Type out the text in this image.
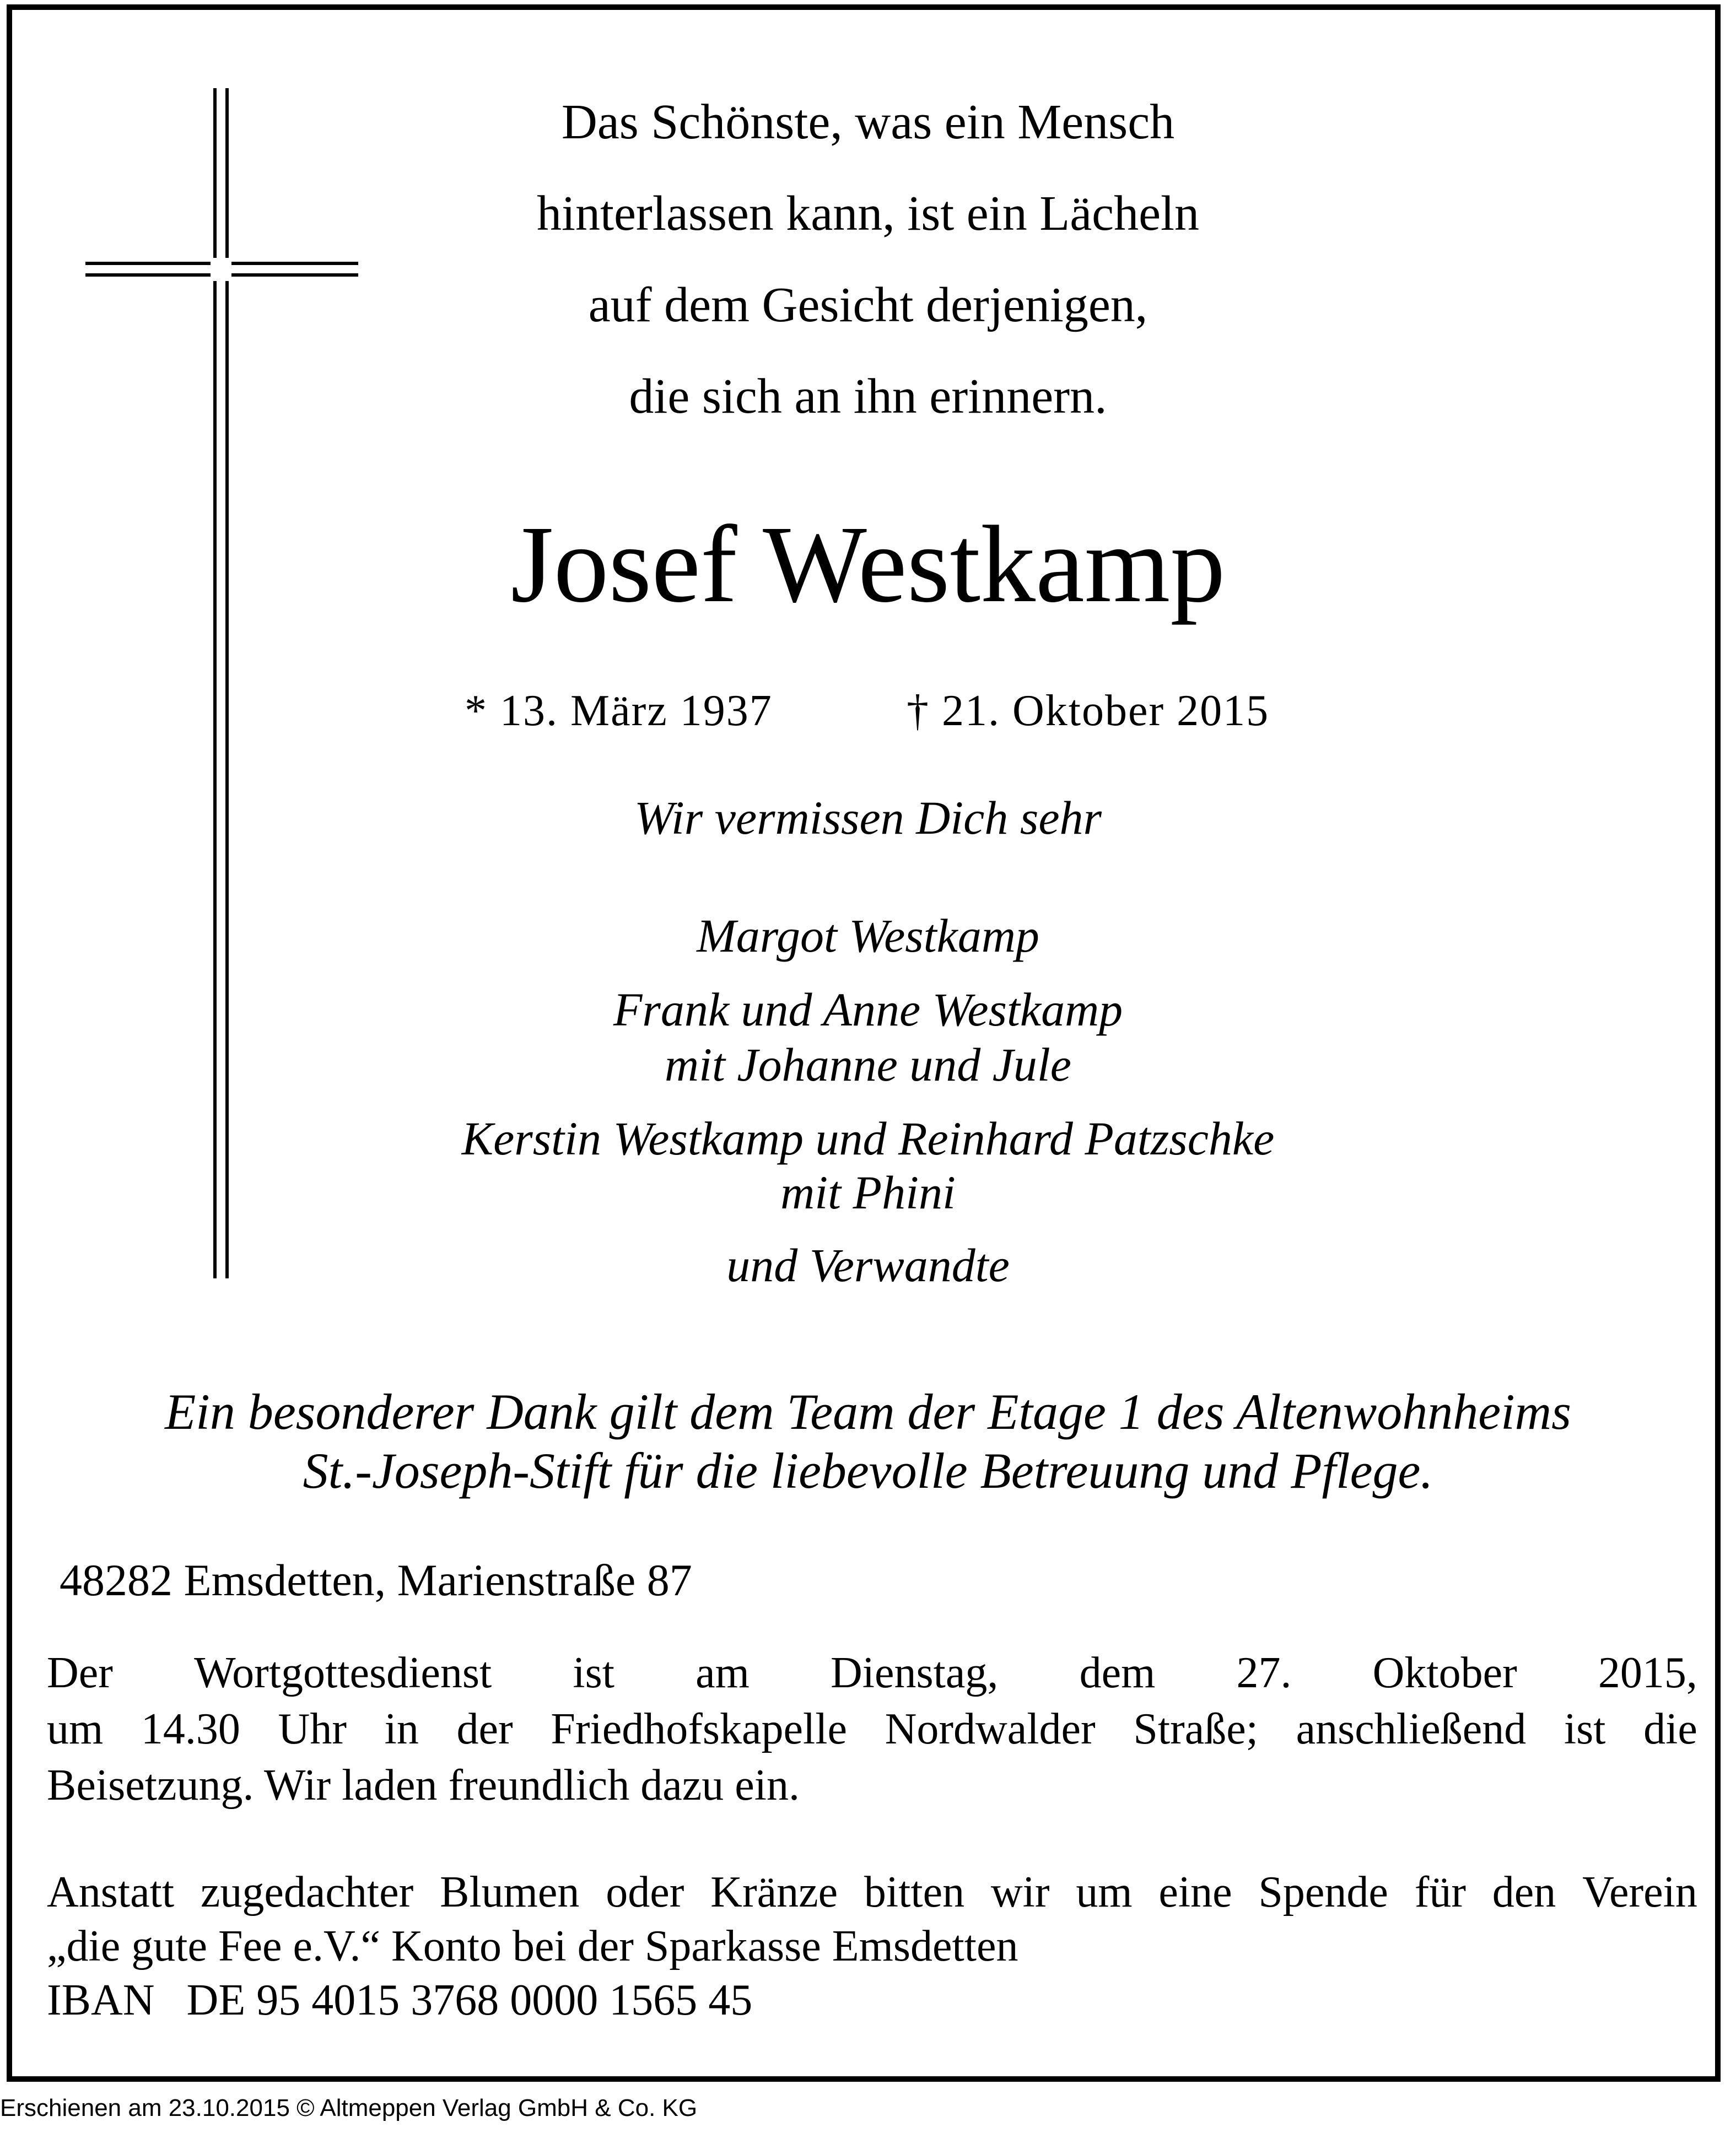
Das Schönste, was ein Mensch
hinterlassen kann, ist ein Lächeln
auf dem Gesicht derjenigen,
die sich an ihn erinnern.
Josef Westkamp
* 13. März 1937	† 21. Oktober 2015
Wir vermissen Dich sehr
Margot Westkamp
Frank und Anne Westkamp
mit Johanne und Jule
Kerstin Westkamp und Reinhard Patzschke
mit Phini
und Verwandte
Ein besonderer Dank gilt dem Team der Etage 1 des Altenwohnheims
St.-Joseph-Stift für die liebevolle Betreuung und Pflege.
48282 Emsdetten, Marienstraße 87
Der Wortgottesdienst ist am Dienstag, dem 27. Oktober 2015,
um 14.30 Uhr in der Friedhofskapelle Nordwalder Straße; anschließend ist die
Beisetzung. Wir laden freundlich dazu ein.
Anstatt zugedachter Blumen oder Kränze bitten wir um eine Spende für den Verein
„die gute Fee e.V.“ Konto bei der Sparkasse Emsdetten
IBAN DE 95 4015 3768 0000 1565 45
Erschienen am 23.10.2015 © Altmeppen Verlag GmbH & Co. KG
